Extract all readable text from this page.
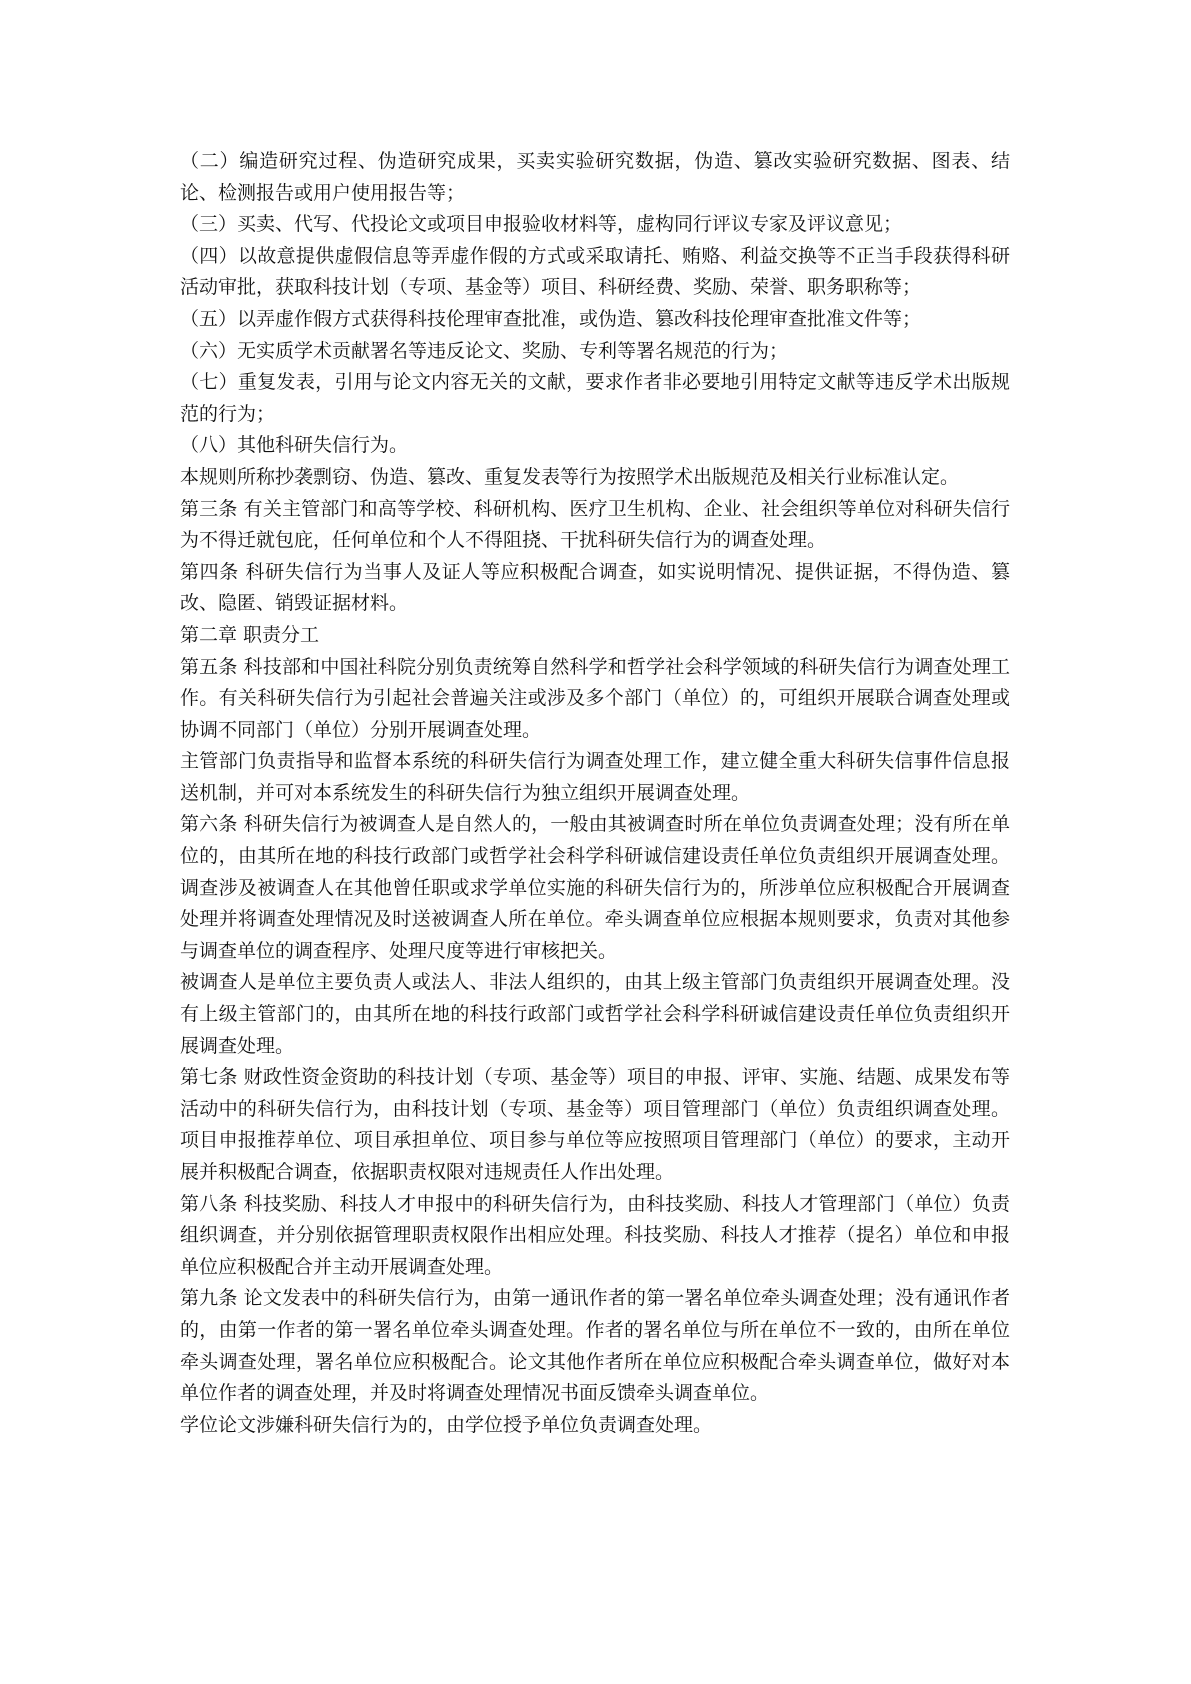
（二）编造研究过程、伪造研究成果，买卖实验研究数据，伪造、篡改实验研究数据、图表、结论、检测报告或用户使用报告等；

（三）买卖、代写、代投论文或项目申报验收材料等，虚构同行评议专家及评议意见；

（四）以故意提供虚假信息等弄虚作假的方式或采取请托、贿赂、利益交换等不正当手段获得科研活动审批，获取科技计划（专项、基金等）项目、科研经费、奖励、荣誉、职务职称等；

（五）以弄虚作假方式获得科技伦理审查批准，或伪造、篡改科技伦理审查批准文件等；

（六）无实质学术贡献署名等违反论文、奖励、专利等署名规范的行为；

（七）重复发表，引用与论文内容无关的文献，要求作者非必要地引用特定文献等违反学术出版规范的行为；

（八）其他科研失信行为。

本规则所称抄袭剽窃、伪造、篡改、重复发表等行为按照学术出版规范及相关行业标准认定。

第三条 有关主管部门和高等学校、科研机构、医疗卫生机构、企业、社会组织等单位对科研失信行为不得迁就包庇，任何单位和个人不得阻挠、干扰科研失信行为的调查处理。

第四条 科研失信行为当事人及证人等应积极配合调查，如实说明情况、提供证据，不得伪造、篡改、隐匿、销毁证据材料。

第二章 职责分工

第五条 科技部和中国社科院分别负责统筹自然科学和哲学社会科学领域的科研失信行为调查处理工作。有关科研失信行为引起社会普遍关注或涉及多个部门（单位）的，可组织开展联合调查处理或协调不同部门（单位）分别开展调查处理。

主管部门负责指导和监督本系统的科研失信行为调查处理工作，建立健全重大科研失信事件信息报送机制，并可对本系统发生的科研失信行为独立组织开展调查处理。

第六条 科研失信行为被调查人是自然人的，一般由其被调查时所在单位负责调查处理；没有所在单位的，由其所在地的科技行政部门或哲学社会科学科研诚信建设责任单位负责组织开展调查处理。调查涉及被调查人在其他曾任职或求学单位实施的科研失信行为的，所涉单位应积极配合开展调查处理并将调查处理情况及时送被调查人所在单位。牵头调查单位应根据本规则要求，负责对其他参与调查单位的调查程序、处理尺度等进行审核把关。

被调查人是单位主要负责人或法人、非法人组织的，由其上级主管部门负责组织开展调查处理。没有上级主管部门的，由其所在地的科技行政部门或哲学社会科学科研诚信建设责任单位负责组织开展调查处理。

第七条 财政性资金资助的科技计划（专项、基金等）项目的申报、评审、实施、结题、成果发布等活动中的科研失信行为，由科技计划（专项、基金等）项目管理部门（单位）负责组织调查处理。项目申报推荐单位、项目承担单位、项目参与单位等应按照项目管理部门（单位）的要求，主动开展并积极配合调查，依据职责权限对违规责任人作出处理。

第八条 科技奖励、科技人才申报中的科研失信行为，由科技奖励、科技人才管理部门（单位）负责组织调查，并分别依据管理职责权限作出相应处理。科技奖励、科技人才推荐（提名）单位和申报单位应积极配合并主动开展调查处理。

第九条 论文发表中的科研失信行为，由第一通讯作者的第一署名单位牵头调查处理；没有通讯作者的，由第一作者的第一署名单位牵头调查处理。作者的署名单位与所在单位不一致的，由所在单位牵头调查处理，署名单位应积极配合。论文其他作者所在单位应积极配合牵头调查单位，做好对本单位作者的调查处理，并及时将调查处理情况书面反馈牵头调查单位。

学位论文涉嫌科研失信行为的，由学位授予单位负责调查处理。
